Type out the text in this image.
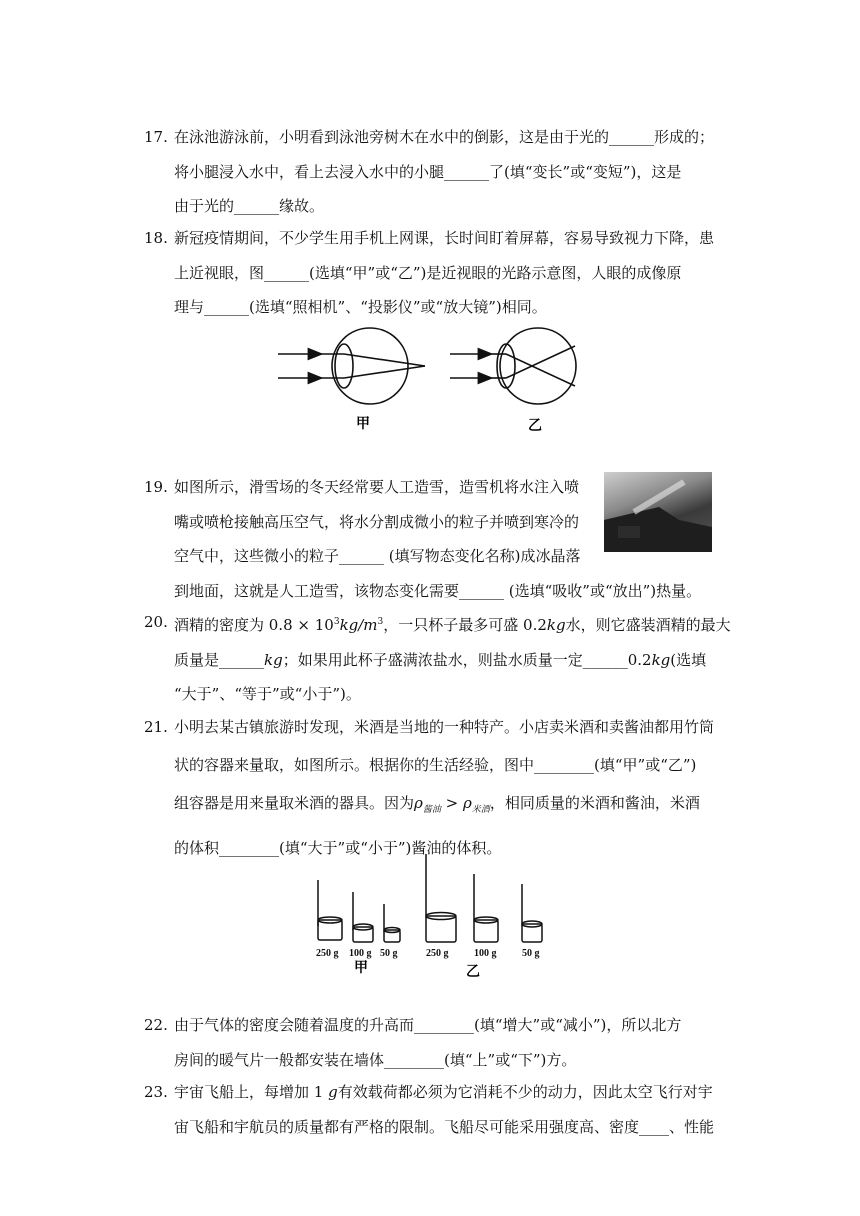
17. 在泳池游泳前，小明看到泳池旁树木在水中的倒影，这是由于光的______形成的；
将小腿浸入水中，看上去浸入水中的小腿______了(填“变长”或“变短”)，这是
由于光的______缘故。
18. 新冠疫情期间，不少学生用手机上网课，长时间盯着屏幕，容易导致视力下降，患
上近视眼，图______(选填“甲”或“乙”)是近视眼的光路示意图，人眼的成像原
理与______(选填“照相机”、“投影仪”或“放大镜”)相同。
甲	乙
19. 如图所示，滑雪场的冬天经常要人工造雪，造雪机将水注入喷
嘴或喷枪接触高压空气，将水分割成微小的粒子并喷到寒冷的
空气中，这些微小的粒子______ (填写物态变化名称)成冰晶落
到地面，这就是人工造雪，该物态变化需要______ (选填“吸收”或“放出”)热量。
20. 酒精的密度为 $0.8 \times 10^3kg/m^3$，一只杯子最多可盛 0.2kg水，则它盛装酒精的最大
质量是______kg；如果用此杯子盛满浓盐水，则盐水质量一定______0.2kg(选填
“大于”、“等于”或“小于”)。
21. 小明去某古镇旅游时发现，米酒是当地的一种特产。小店卖米酒和卖酱油都用竹筒
状的容器来量取，如图所示。根据你的生活经验，图中________(填“甲”或“乙”)
组容器是用来量取米酒的器具。因为$\rho_{酱油} > \rho_{米酒}$，相同质量的米酒和酱油，米酒
的体积________(填“大于”或“小于”)酱油的体积。
250 g 100 g 50 g	250 g	100 g	50 g
甲	乙
22. 由于气体的密度会随着温度的升高而________(填“增大”或“减小”)，所以北方
房间的暖气片一般都安装在墙体________(填“上”或“下”)方。
23. 宇宙飞船上，每增加 1 g有效载荷都必须为它消耗不少的动力，因此太空飞行对宇
宙飞船和宇航员的质量都有严格的限制。飞船尽可能采用强度高、密度____、性能
